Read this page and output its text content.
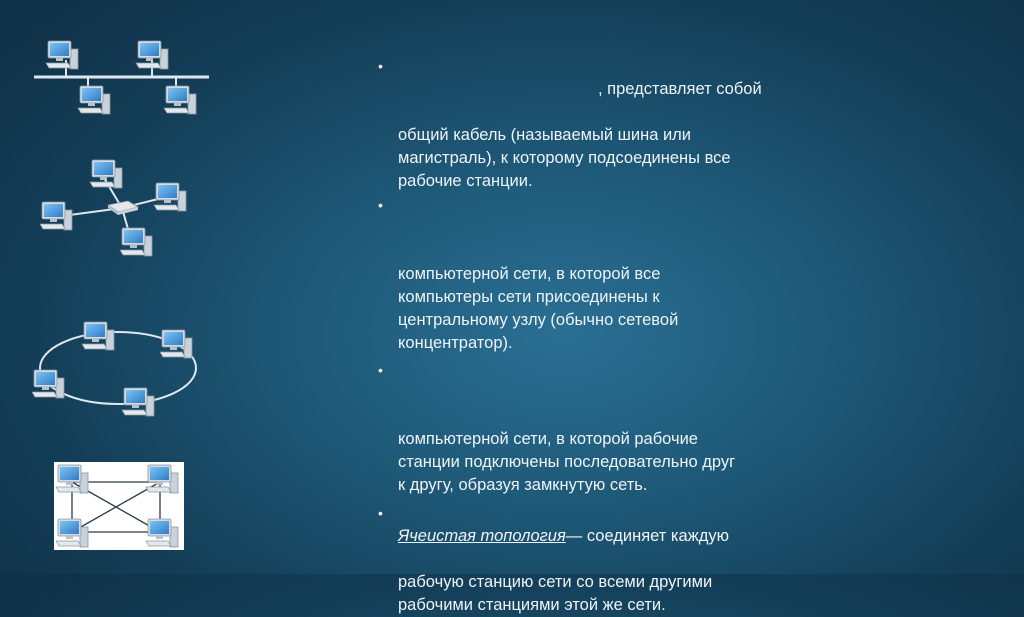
•

, представляет собой

общий кабель (называемый шина или
магистраль), к которому подсоединены все
рабочие станции.

•

компьютерной сети, в которой все
компьютеры сети присоединены к
центральному узлу (обычно сетевой
концентратор).

•

компьютерной сети, в которой рабочие
станции подключены последовательно друг
к другу, образуя замкнутую сеть.

•

Ячеистая топология— соединяет каждую

рабочую станцию сети со всеми другими
рабочими станциями этой же сети.
